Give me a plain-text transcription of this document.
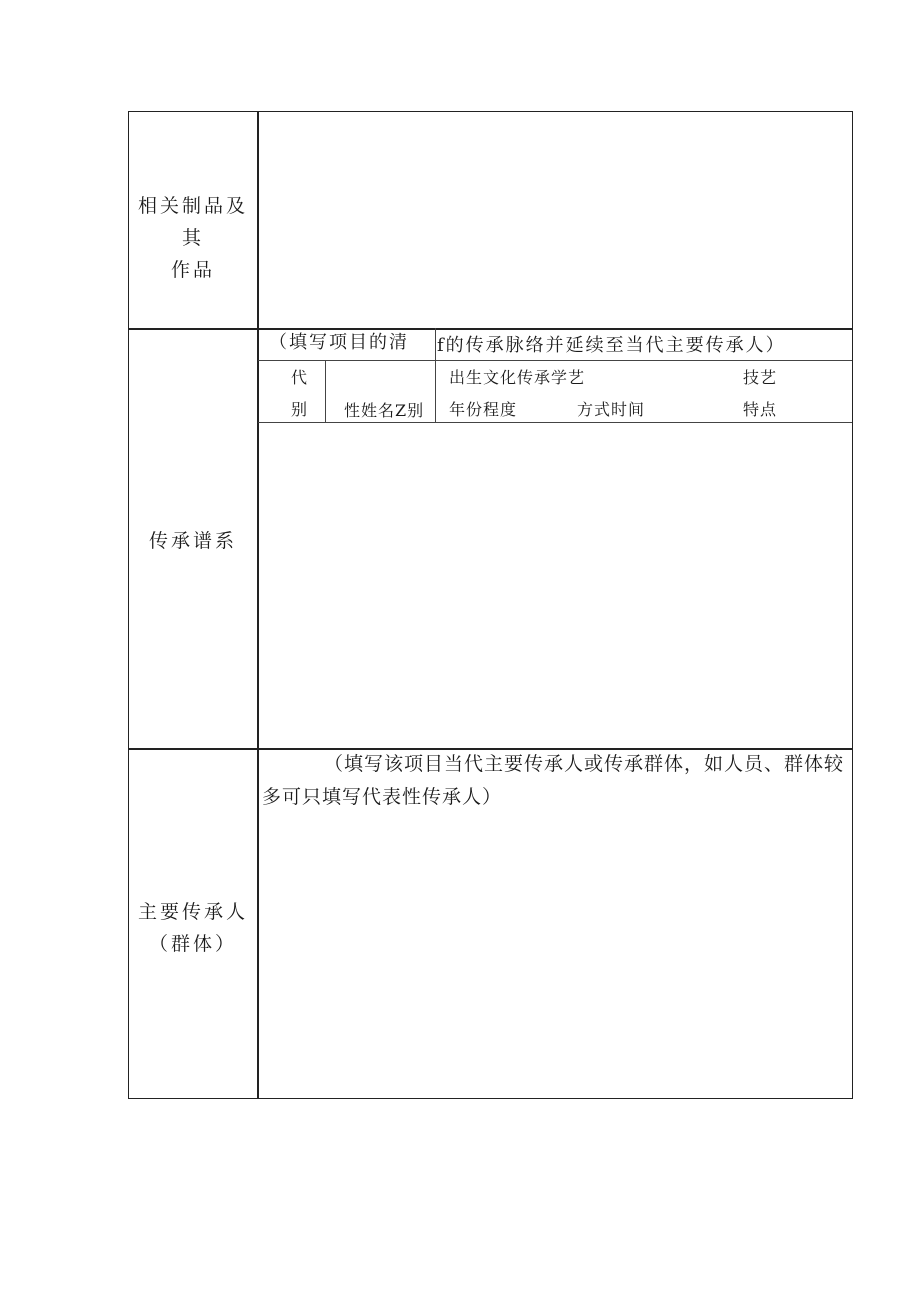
相关制品及其
作品
传承谱系
（填写项目的清 f的传承脉络并延续至当代主要传承人）
代
别 性姓名Z别
出生文化传承学艺
年份程度	方式时间
技艺
特点
主要传承人
（群体）
（填写该项目当代主要传承人或传承群体，如人员、群体较
多可只填写代表性传承人）
